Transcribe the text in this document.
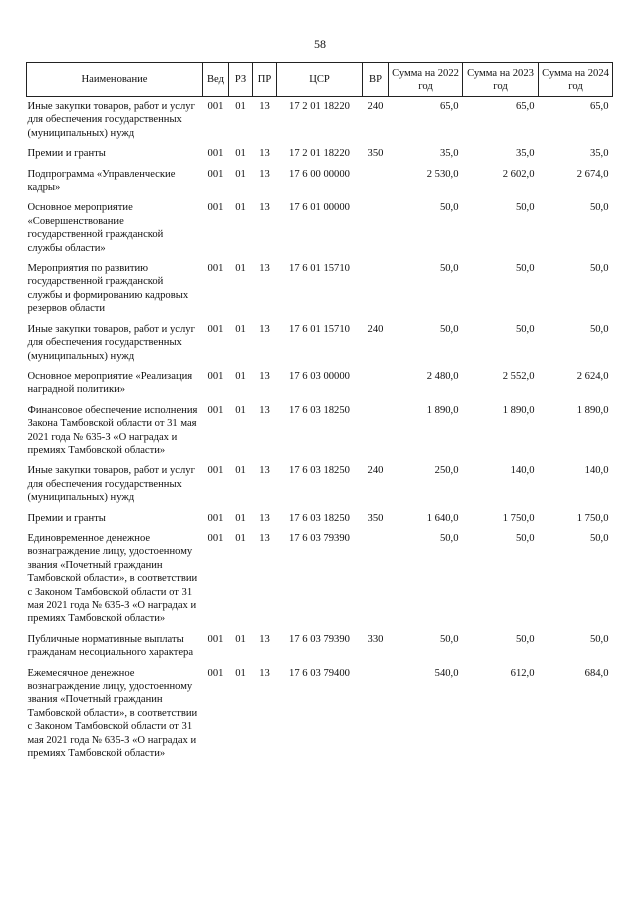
58
Наименование	Вед	РЗ	ПР	ЦСР	ВР	Сумма на 2022 год	Сумма на 2023 год	Сумма на 2024 год
Иные закупки товаров, работ и услуг для обеспечения государственных (муниципальных) нужд	001	01	13	17 2 01 18220	240	65,0	65,0	65,0
Премии и гранты	001	01	13	17 2 01 18220	350	35,0	35,0	35,0
Подпрограмма «Управленческие кадры»	001	01	13	17 6 00 00000		2 530,0	2 602,0	2 674,0
Основное мероприятие «Совершенствование государственной гражданской службы области»	001	01	13	17 6 01 00000		50,0	50,0	50,0
Мероприятия по развитию государственной гражданской службы и формированию кадровых резервов области	001	01	13	17 6 01 15710		50,0	50,0	50,0
Иные закупки товаров, работ и услуг для обеспечения государственных (муниципальных) нужд	001	01	13	17 6 01 15710	240	50,0	50,0	50,0
Основное мероприятие «Реализация наградной политики»	001	01	13	17 6 03 00000		2 480,0	2 552,0	2 624,0
Финансовое обеспечение исполнения Закона Тамбовской области от 31 мая 2021 года № 635-З «О наградах и премиях Тамбовской области»	001	01	13	17 6 03 18250		1 890,0	1 890,0	1 890,0
Иные закупки товаров, работ и услуг для обеспечения государственных (муниципальных) нужд	001	01	13	17 6 03 18250	240	250,0	140,0	140,0
Премии и гранты	001	01	13	17 6 03 18250	350	1 640,0	1 750,0	1 750,0
Единовременное денежное вознаграждение лицу, удостоенному звания «Почетный гражданин Тамбовской области», в соответствии с Законом Тамбовской области от 31 мая 2021 года № 635-З «О наградах и премиях Тамбовской области»	001	01	13	17 6 03 79390		50,0	50,0	50,0
Публичные нормативные выплаты гражданам несоциального характера	001	01	13	17 6 03 79390	330	50,0	50,0	50,0
Ежемесячное денежное вознаграждение лицу, удостоенному звания «Почетный гражданин Тамбовской области», в соответствии с Законом Тамбовской области от 31 мая 2021 года № 635-З «О наградах и премиях Тамбовской области»	001	01	13	17 6 03 79400		540,0	612,0	684,0
